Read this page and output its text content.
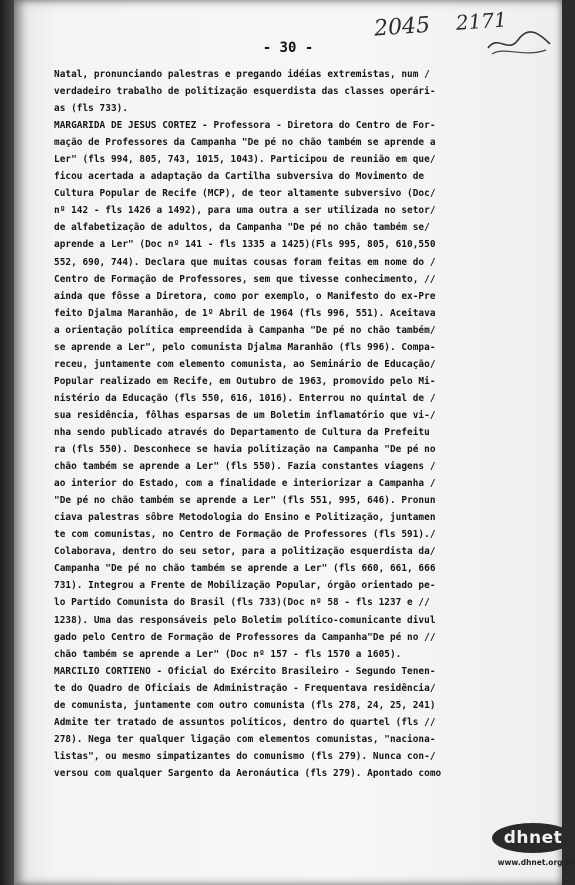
2045 2171
- 30 -
Natal, pronunciando palestras e pregando idéias extremistas, num /
verdadeiro trabalho de politização esquerdista das classes operári-
as (fls 733).
MARGARIDA DE JESUS CORTEZ - Professora - Diretora do Centro de For-
mação de Professores da Campanha "De pé no chão também se aprende a
Ler" (fls 994, 805, 743, 1015, 1043). Participou de reunião em que/
ficou acertada a adaptação da Cartilha subversiva do Movimento de
Cultura Popular de Recife (MCP), de teor altamente subversivo (Doc/
nº 142 - fls 1426 a 1492), para uma outra a ser utilizada no setor/
de alfabetização de adultos, da Campanha "De pé no chão também se/
aprende a Ler" (Doc nº 141 - fls 1335 a 1425)(Fls 995, 805, 610,550
552, 690, 744). Declara que muitas cousas foram feitas em nome do /
Centro de Formação de Professores, sem que tivesse conhecimento, //
ainda que fôsse a Diretora, como por exemplo, o Manifesto do ex-Pre
feito Djalma Maranhão, de 1º Abril de 1964 (fls 996, 551). Aceitava
a orientação política empreendida à Campanha "De pé no chão também/
se aprende a Ler", pelo comunista Djalma Maranhão (fls 996). Compa-
receu, juntamente com elemento comunista, ao Seminário de Educação/
Popular realizado em Recife, em Outubro de 1963, promovido pelo Mi-
nistério da Educação (fls 550, 616, 1016). Enterrou no quintal de /
sua residência, fôlhas esparsas de um Boletim inflamatório que vi-/
nha sendo publicado através do Departamento de Cultura da Prefeitu
ra (fls 550). Desconhece se havia politização na Campanha "De pé no
chão também se aprende a Ler" (fls 550). Fazia constantes viagens /
ao interior do Estado, com a finalidade e interiorizar a Campanha /
"De pé no chão também se aprende a Ler" (fls 551, 995, 646). Pronun
ciava palestras sôbre Metodologia do Ensino e Politização, juntamen
te com comunistas, no Centro de Formação de Professores (fls 591)./
Colaborava, dentro do seu setor, para a politização esquerdista da/
Campanha "De pé no chão também se aprende a Ler" (fls 660, 661, 666
731). Integrou a Frente de Mobilização Popular, órgão orientado pe-
lo Partido Comunista do Brasil (fls 733)(Doc nº 58 - fls 1237 e //
1238). Uma das responsáveis pelo Boletim político-comunicante divul
gado pelo Centro de Formação de Professores da Campanha"De pé no //
chão também se aprende a Ler" (Doc nº 157 - fls 1570 a 1605).
MARCILIO CORTIENO - Oficial do Exército Brasileiro - Segundo Tenen-
te do Quadro de Oficiais de Administração - Frequentava residência/
de comunista, juntamente com outro comunista (fls 278, 24, 25, 241)
Admite ter tratado de assuntos políticos, dentro do quartel (fls //
278). Nega ter qualquer ligação com elementos comunistas, "naciona-
listas", ou mesmo simpatizantes do comunismo (fls 279). Nunca con-/
versou com qualquer Sargento da Aeronáutica (fls 279). Apontado como
dhnet
www.dhnet.org.br
